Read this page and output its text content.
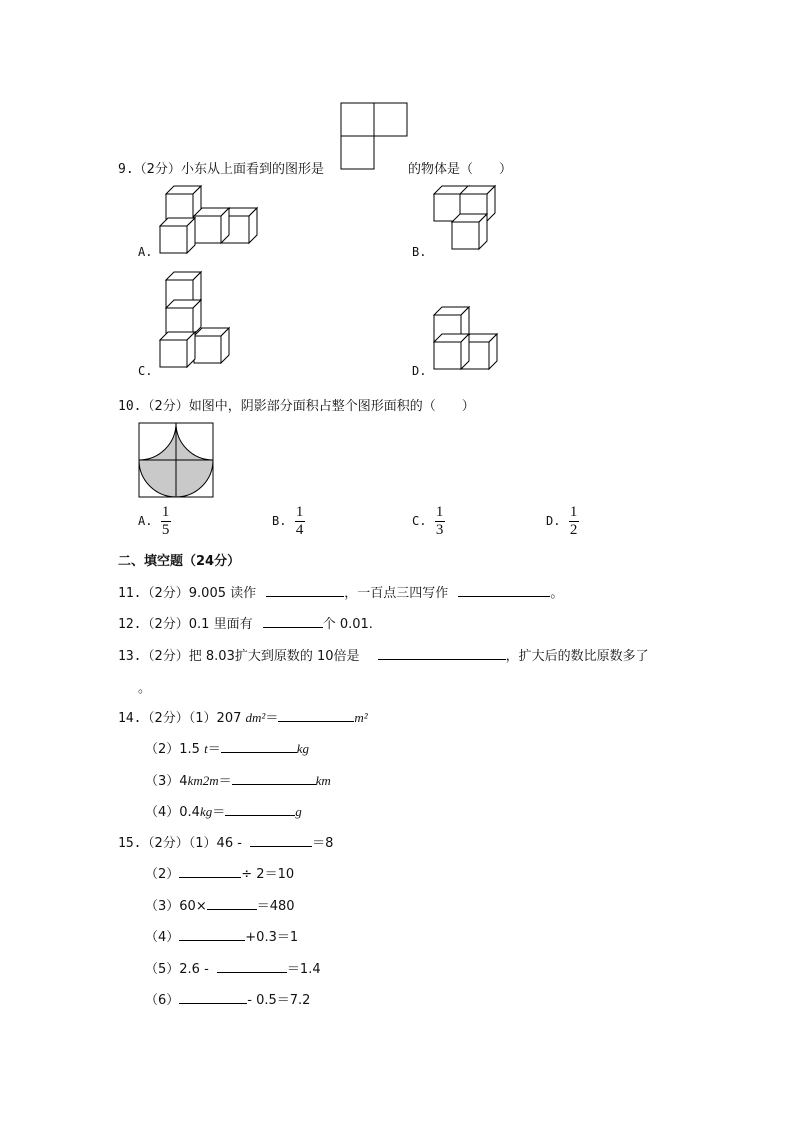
9.（2分）小东从上面看到的图形是	的物体是（　　）
A.	B.
C.	D.
10.（2分）如图中，阴影部分面积占整个图形面积的（　　）
A. $\frac{1}{5}$	B. $\frac{1}{4}$	C. $\frac{1}{3}$	D. $\frac{1}{2}$
二、填空题（24分）
11.（2分）9.005 读作	，一百点三四写作	。
12.（2分）0.1 里面有	个 0.01.
13.（2分）把 8.03扩大到原数的 10倍是	，扩大后的数比原数多了
。
14.（2分）（1）207 dm²＝	m²
（2）1.5 t＝	kg
（3）4km2m＝	km
（4）0.4kg＝	g
15.（2分）（1）46 -	＝8
（2）	÷ 2＝10
（3）60×	＝480
（4）	+0.3＝1
（5）2.6 -	＝1.4
（6）	- 0.5＝7.2
